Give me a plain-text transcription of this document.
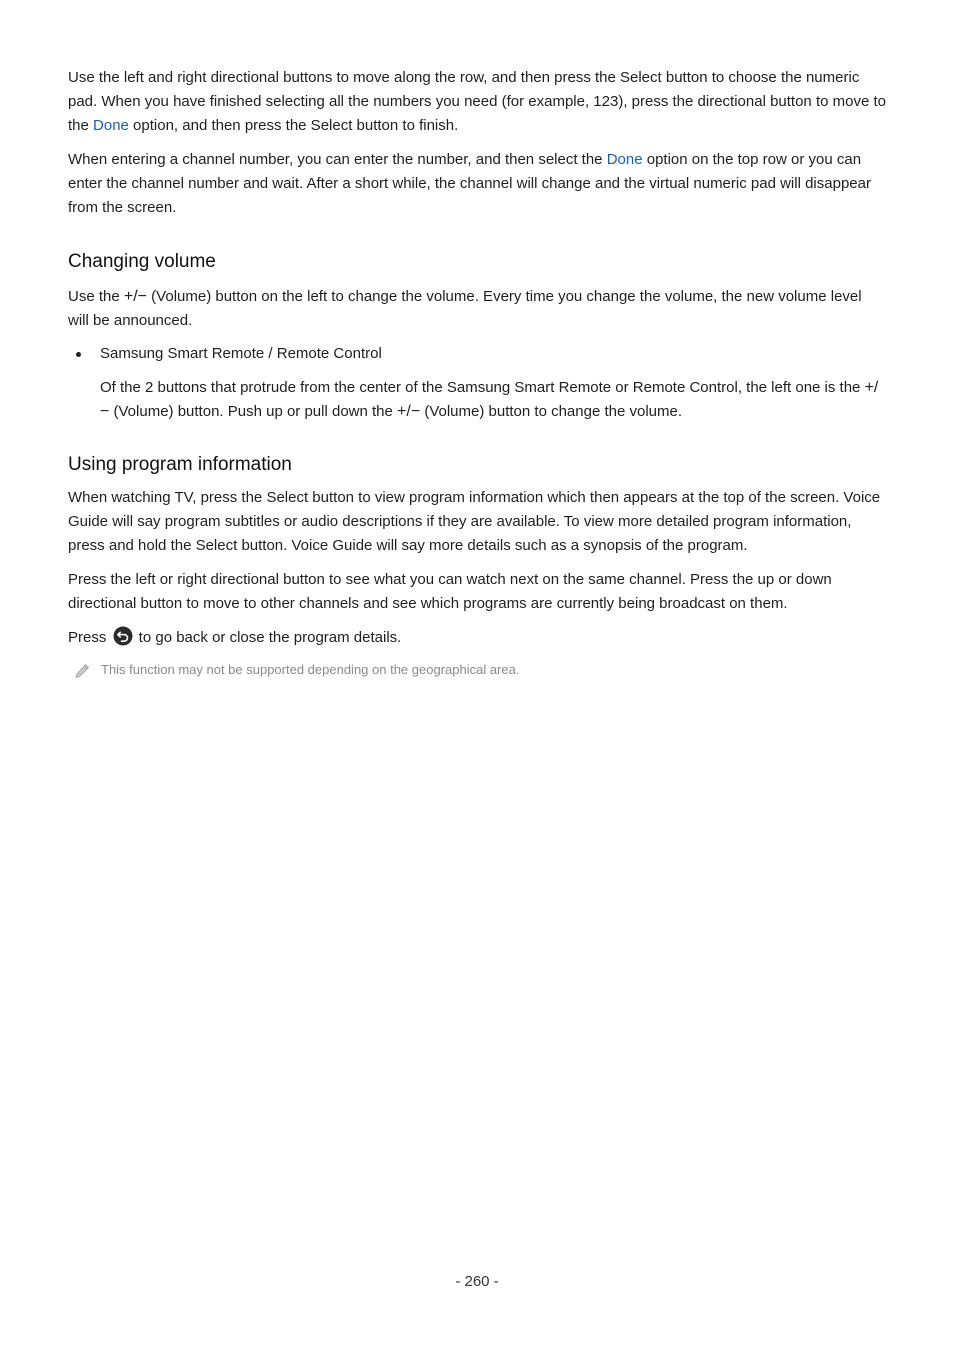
Use the left and right directional buttons to move along the row, and then press the Select button to choose the numeric pad. When you have finished selecting all the numbers you need (for example, 123), press the directional button to move to the Done option, and then press the Select button to finish.

When entering a channel number, you can enter the number, and then select the Done option on the top row or you can enter the channel number and wait. After a short while, the channel will change and the virtual numeric pad will disappear from the screen.

Changing volume

Use the +/− (Volume) button on the left to change the volume. Every time you change the volume, the new volume level will be announced.

Samsung Smart Remote / Remote Control

Of the 2 buttons that protrude from the center of the Samsung Smart Remote or Remote Control, the left one is the +/− (Volume) button. Push up or pull down the +/− (Volume) button to change the volume.

Using program information

When watching TV, press the Select button to view program information which then appears at the top of the screen. Voice Guide will say program subtitles or audio descriptions if they are available. To view more detailed program information, press and hold the Select button. Voice Guide will say more details such as a synopsis of the program.

Press the left or right directional button to see what you can watch next on the same channel. Press the up or down directional button to move to other channels and see which programs are currently being broadcast on them.

Press  to go back or close the program details.

This function may not be supported depending on the geographical area.
- 260 -
